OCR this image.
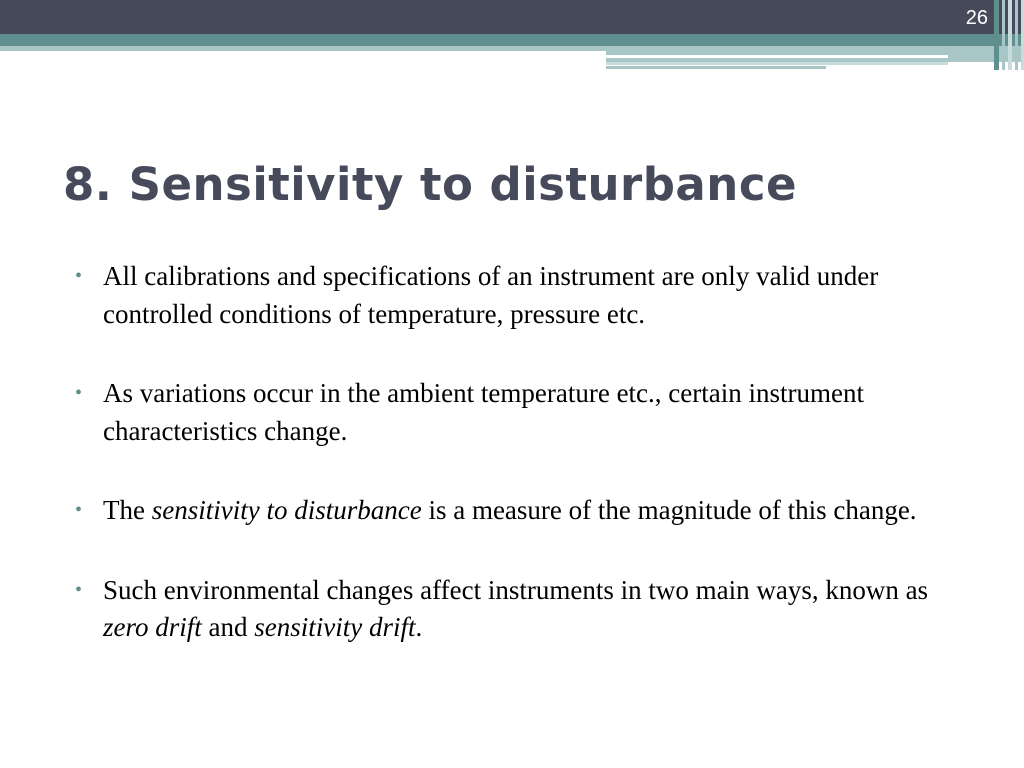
26
8. Sensitivity to disturbance
• All calibrations and specifications of an instrument are only valid under controlled conditions of temperature, pressure etc.
• As variations occur in the ambient temperature etc., certain instrument characteristics change.
• The sensitivity to disturbance is a measure of the magnitude of this change.
• Such environmental changes affect instruments in two main ways, known as zero drift and sensitivity drift.
